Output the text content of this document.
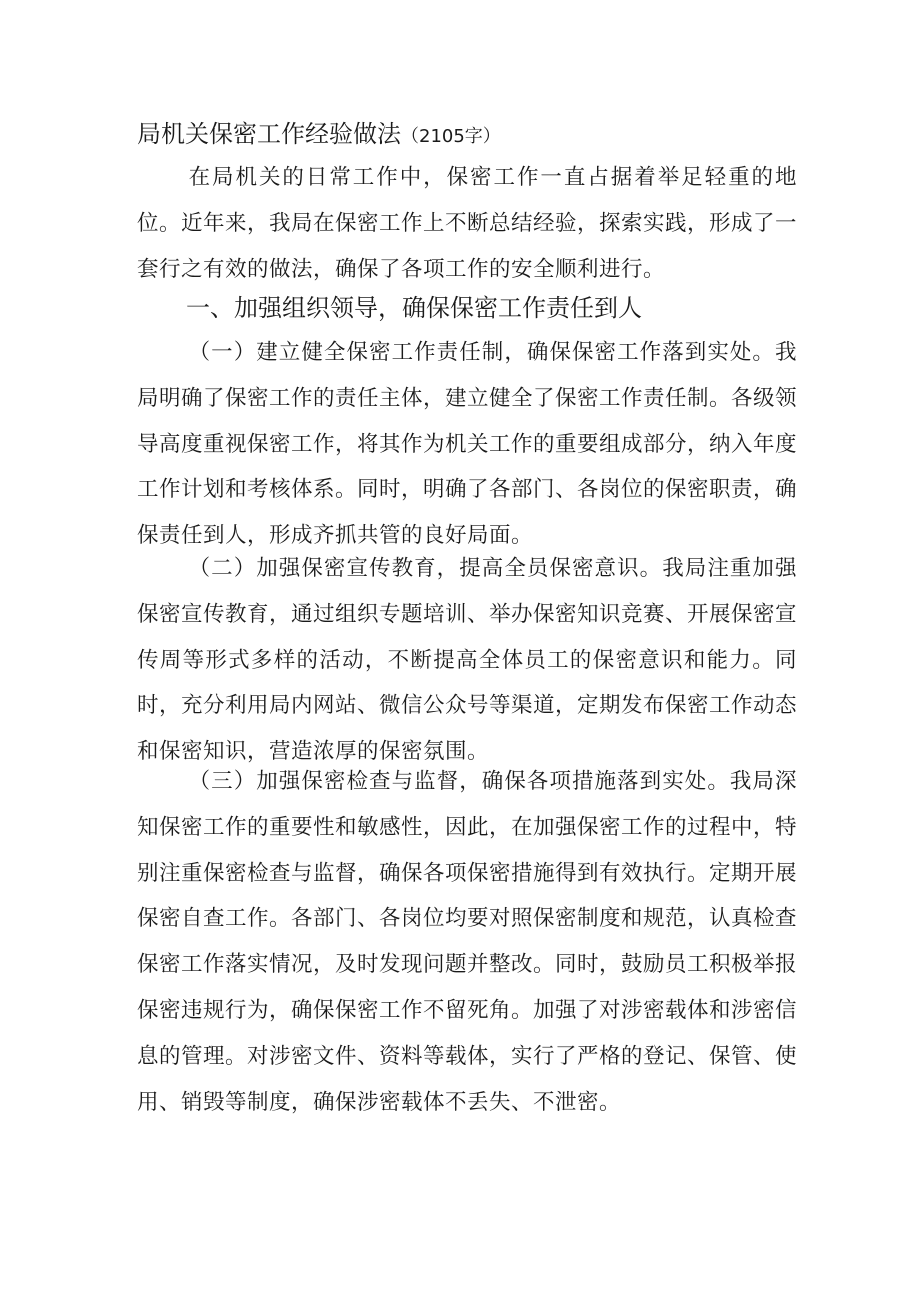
局机关保密工作经验做法（2105字）

在局机关的日常工作中，保密工作一直占据着举足轻重的地位。近年来，我局在保密工作上不断总结经验，探索实践，形成了一套行之有效的做法，确保了各项工作的安全顺利进行。

一、加强组织领导，确保保密工作责任到人

（一）建立健全保密工作责任制，确保保密工作落到实处。我局明确了保密工作的责任主体，建立健全了保密工作责任制。各级领导高度重视保密工作，将其作为机关工作的重要组成部分，纳入年度工作计划和考核体系。同时，明确了各部门、各岗位的保密职责，确保责任到人，形成齐抓共管的良好局面。

（二）加强保密宣传教育，提高全员保密意识。我局注重加强保密宣传教育，通过组织专题培训、举办保密知识竞赛、开展保密宣传周等形式多样的活动，不断提高全体员工的保密意识和能力。同时，充分利用局内网站、微信公众号等渠道，定期发布保密工作动态和保密知识，营造浓厚的保密氛围。

（三）加强保密检查与监督，确保各项措施落到实处。我局深知保密工作的重要性和敏感性，因此，在加强保密工作的过程中，特别注重保密检查与监督，确保各项保密措施得到有效执行。定期开展保密自查工作。各部门、各岗位均要对照保密制度和规范，认真检查保密工作落实情况，及时发现问题并整改。同时，鼓励员工积极举报保密违规行为，确保保密工作不留死角。加强了对涉密载体和涉密信息的管理。对涉密文件、资料等载体，实行了严格的登记、保管、使用、销毁等制度，确保涉密载体不丢失、不泄密。
